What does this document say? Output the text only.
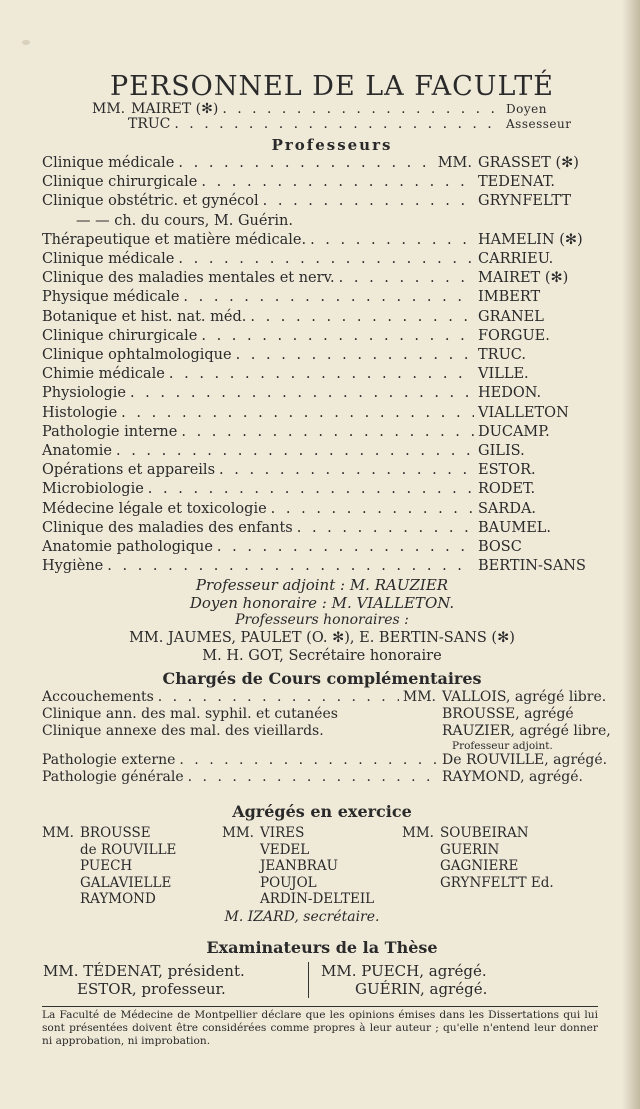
PERSONNEL DE LA FACULTÉ
MM. MAIRET (✻) . . .	Doyen
TRUC . . .	Assesseur
Professeurs
Clinique médicale . . .	MM. GRASSET (✻)
Clinique chirurgicale . . .	TEDENAT.
Clinique obstétric. et gynécol . . .	GRYNFELTT
— — ch. du cours, M. Guérin.
Thérapeutique et matière médicale. . . .	HAMELIN (✻)
Clinique médicale . . .	CARRIEU.
Clinique des maladies mentales et nerv. . . .	MAIRET (✻)
Physique médicale . . .	IMBERT
Botanique et hist. nat. méd. . . .	GRANEL
Clinique chirurgicale . . .	FORGUE.
Clinique ophtalmologique . . .	TRUC.
Chimie médicale . . .	VILLE.
Physiologie . . .	HEDON.
Histologie . . .	VIALLETON
Pathologie interne . . .	DUCAMP.
Anatomie . . .	GILIS.
Opérations et appareils . . .	ESTOR.
Microbiologie . . .	RODET.
Médecine légale et toxicologie . . .	SARDA.
Clinique des maladies des enfants . . .	BAUMEL.
Anatomie pathologique . . .	BOSC
Hygiène . . .	BERTIN-SANS
Professeur adjoint : M. RAUZIER
Doyen honoraire : M. VIALLETON.
Professeurs honoraires :
MM. JAUMES, PAULET (O. ✻), E. BERTIN-SANS (✻)
M. H. GOT, Secrétaire honoraire
Chargés de Cours complémentaires
Accouchements . . .	MM. VALLOIS, agrégé libre.
Clinique ann. des mal. syphil. et cutanées	BROUSSE, agrégé
Clinique annexe des mal. des vieillards.	RAUZIER, agrégé libre,
Professeur adjoint.
Pathologie externe . . .	De ROUVILLE, agrégé.
Pathologie générale . . .	RAYMOND, agrégé.
Agrégés en exercice
MM. BROUSSE
de ROUVILLE
PUECH
GALAVIELLE
RAYMOND
MM. VIRES
VEDEL
JEANBRAU
POUJOL
ARDIN-DELTEIL
MM. SOUBEIRAN
GUERIN
GAGNIERE
GRYNFELTT Ed.
M. IZARD, secrétaire.
Examinateurs de la Thèse
MM. TÉDENAT, président.
ESTOR, professeur.
MM. PUECH, agrégé.
GUÉRIN, agrégé.
La Faculté de Médecine de Montpellier déclare que les opinions émises dans les Dissertations qui lui sont présentées doivent être considérées comme propres à leur auteur ; qu'elle n'entend leur donner ni approbation, ni improbation.
